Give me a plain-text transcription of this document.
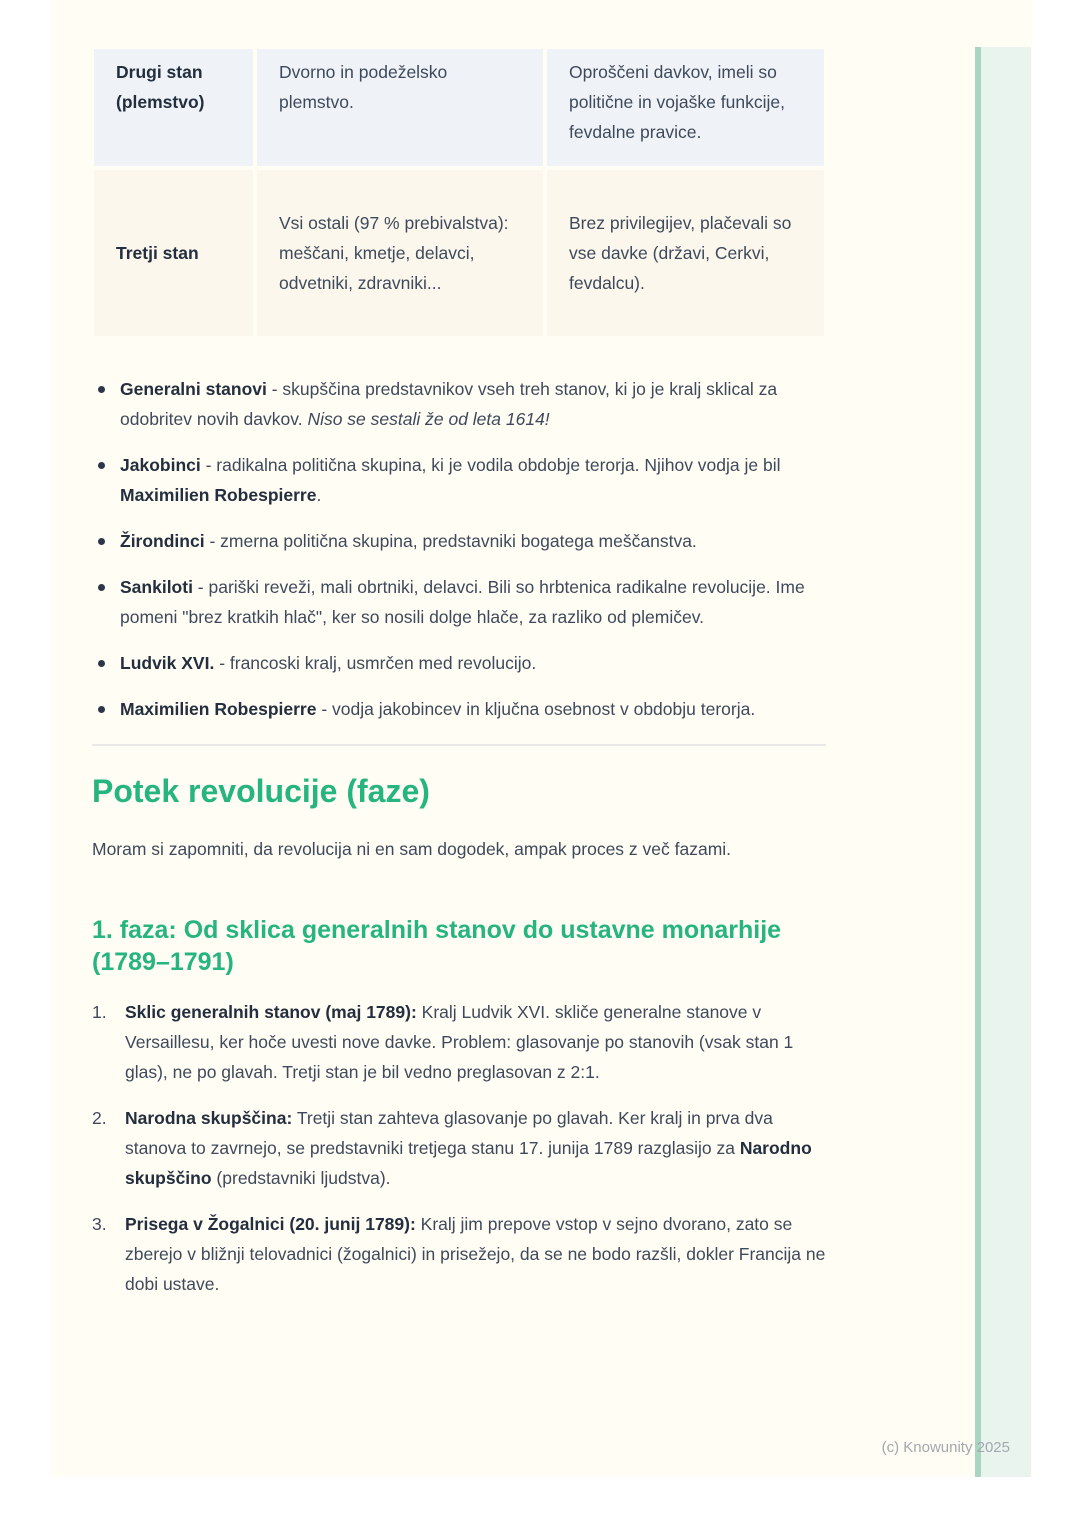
Drugi stan (plemstvo)	Dvorno in podeželsko plemstvo.	Oproščeni davkov, imeli so politične in vojaške funkcije, fevdalne pravice.
Tretji stan	Vsi ostali (97 % prebivalstva): meščani, kmetje, delavci, odvetniki, zdravniki...	Brez privilegijev, plačevali so vse davke (državi, Cerkvi, fevdalcu).
Generalni stanovi - skupščina predstavnikov vseh treh stanov, ki jo je kralj sklical za odobritev novih davkov. Niso se sestali že od leta 1614!
Jakobinci - radikalna politična skupina, ki je vodila obdobje terorja. Njihov vodja je bil Maximilien Robespierre.
Žirondinci - zmerna politična skupina, predstavniki bogatega meščanstva.
Sankiloti - pariški reveži, mali obrtniki, delavci. Bili so hrbtenica radikalne revolucije. Ime pomeni "brez kratkih hlač", ker so nosili dolge hlače, za razliko od plemičev.
Ludvik XVI. - francoski kralj, usmrčen med revolucijo.
Maximilien Robespierre - vodja jakobincev in ključna osebnost v obdobju terorja.
Potek revolucije (faze)

Moram si zapomniti, da revolucija ni en sam dogodek, ampak proces z več fazami.

1. faza: Od sklica generalnih stanov do ustavne monarhije (1789–1791)
1. Sklic generalnih stanov (maj 1789): Kralj Ludvik XVI. skliče generalne stanove v Versaillesu, ker hoče uvesti nove davke. Problem: glasovanje po stanovih (vsak stan 1 glas), ne po glavah. Tretji stan je bil vedno preglasovan z 2:1.
2. Narodna skupščina: Tretji stan zahteva glasovanje po glavah. Ker kralj in prva dva stanova to zavrnejo, se predstavniki tretjega stanu 17. junija 1789 razglasijo za Narodno skupščino (predstavniki ljudstva).
3. Prisega v Žogalnici (20. junij 1789): Kralj jim prepove vstop v sejno dvorano, zato se zberejo v bližnji telovadnici (žogalnici) in prisežejo, da se ne bodo razšli, dokler Francija ne dobi ustave.
(c) Knowunity 2025
